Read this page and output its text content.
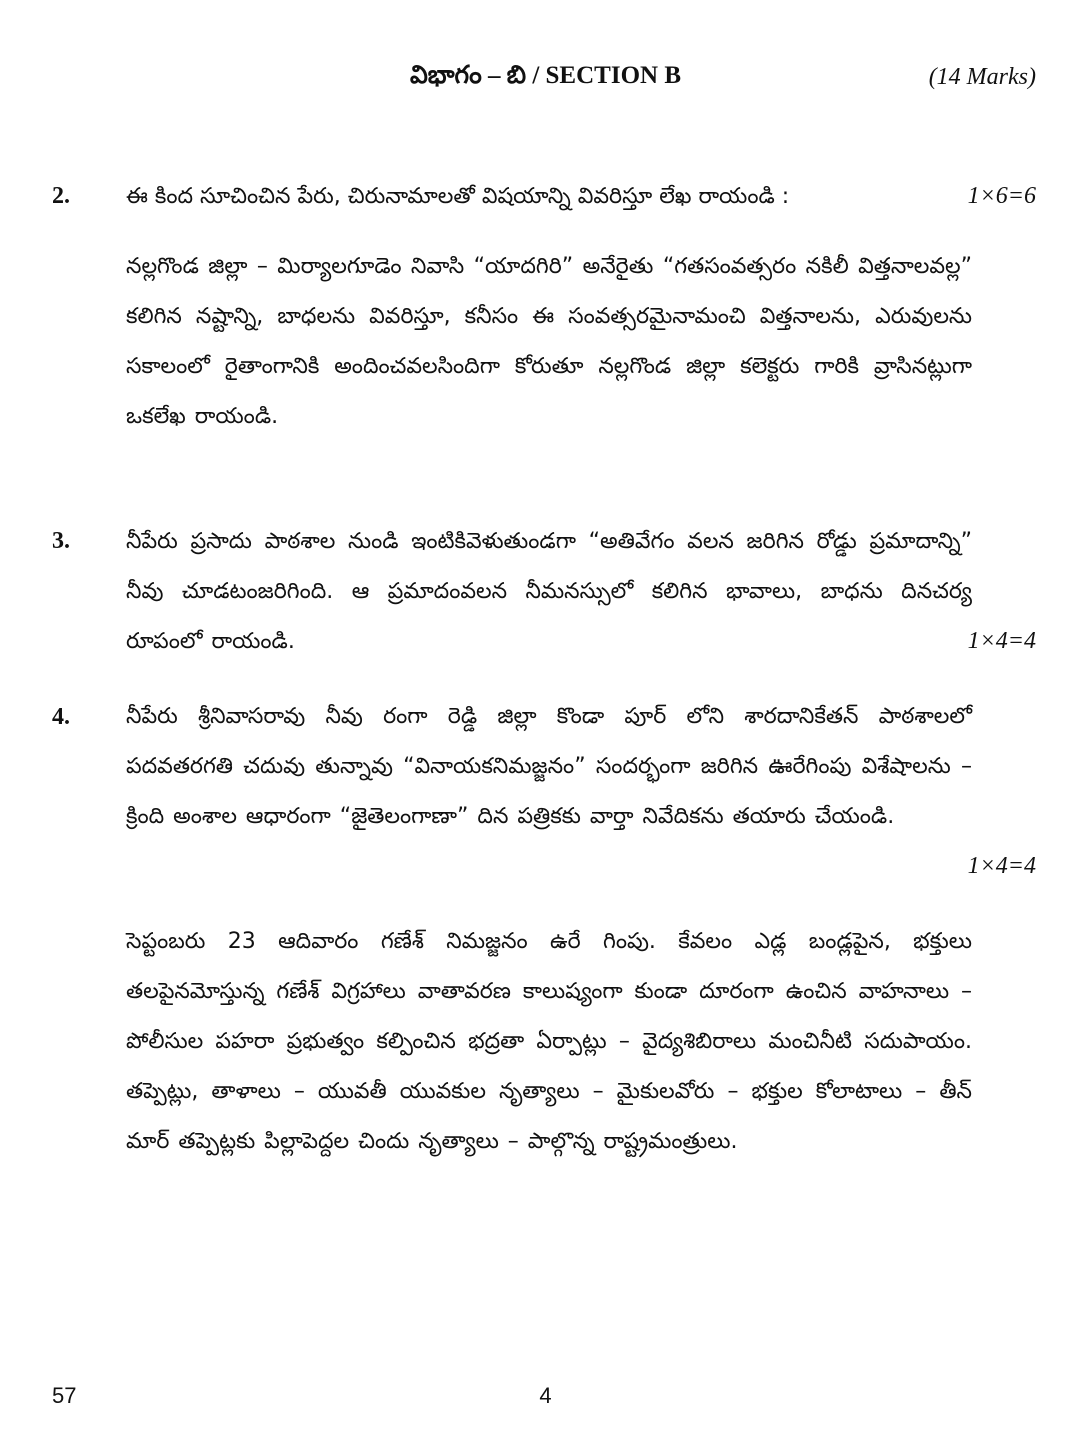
విభాగం – బి / SECTION B	(14 Marks)
2.	ఈ కింద సూచించిన పేరు, చిరునామాలతో విషయాన్ని వివరిస్తూ లేఖ రాయండి :	1×6=6
నల్లగొండ జిల్లా – మిర్యాలగూడెం నివాసి “యాదగిరి” అనేరైతు “గతసంవత్సరం నకిలీ విత్తనాలవల్ల” కలిగిన నష్టాన్ని, బాధలను వివరిస్తూ, కనీసం ఈ సంవత్సరమైనామంచి విత్తనాలను, ఎరువులను సకాలంలో రైతాంగానికి అందించవలసిందిగా కోరుతూ నల్లగొండ జిల్లా కలెక్టరు గారికి వ్రాసినట్లుగా ఒకలేఖ రాయండి.
3.	నీపేరు ప్రసాదు పాఠశాల నుండి ఇంటికివెళుతుండగా “అతివేగం వలన జరిగిన రోడ్డు ప్రమాదాన్ని” నీవు చూడటంజరిగింది. ఆ ప్రమాదంవలన నీమనస్సులో కలిగిన భావాలు, బాధను దినచర్య రూపంలో రాయండి.	1×4=4
4.	నీపేరు శ్రీనివాసరావు నీవు రంగా రెడ్డి జిల్లా కొండా పూర్ లోని శారదానికేతన్ పాఠశాలలో పదవతరగతి చదువు తున్నావు “వినాయకనిమజ్జనం” సందర్భంగా జరిగిన ఊరేగింపు విశేషాలను – క్రింది అంశాల ఆధారంగా “జైతెలంగాణా” దిన పత్రికకు వార్తా నివేదికను తయారు చేయండి.
1×4=4
సెప్టంబరు 23 ఆదివారం గణేశ్ నిమజ్జనం ఉరే గింపు. కేవలం ఎడ్ల బండ్లపైన, భక్తులు తలపైనమోస్తున్న గణేశ్ విగ్రహాలు వాతావరణ కాలుష్యంగా కుండా దూరంగా ఉంచిన వాహనాలు – పోలీసుల పహరా ప్రభుత్వం కల్పించిన భద్రతా ఏర్పాట్లు – వైద్యశిబిరాలు మంచినీటి సదుపాయం. తప్పెట్లు, తాళాలు – యువతీ యువకుల నృత్యాలు – మైకులవోరు – భక్తుల కోలాటాలు – తీన్ మార్ తప్పెట్లకు పిల్లాపెద్దల చిందు నృత్యాలు – పాల్గొన్న రాష్ట్రమంత్రులు.
57	4
